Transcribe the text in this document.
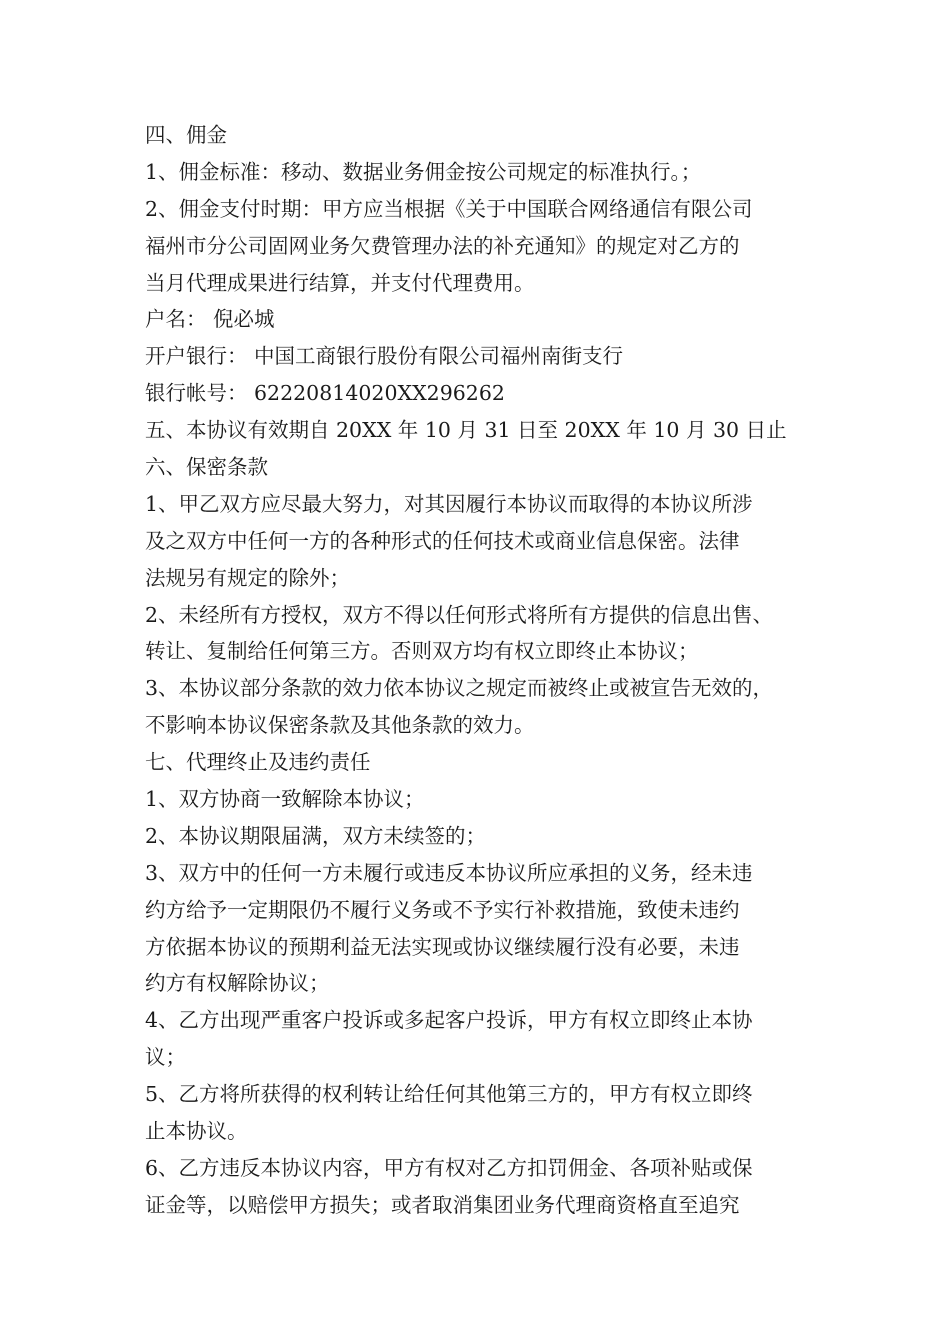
四、佣金
1、佣金标准：移动、数据业务佣金按公司规定的标准执行。；
2、佣金支付时期：甲方应当根据《关于中国联合网络通信有限公司
福州市分公司固网业务欠费管理办法的补充通知》的规定对乙方的
当月代理成果进行结算，并支付代理费用。
户名： 倪必城
开户银行： 中国工商银行股份有限公司福州南街支行
银行帐号： 62220814020XX296262
五、本协议有效期自 20XX 年 10 月 31 日至 20XX 年 10 月 30 日止
六、保密条款
1、甲乙双方应尽最大努力，对其因履行本协议而取得的本协议所涉
及之双方中任何一方的各种形式的任何技术或商业信息保密。法律
法规另有规定的除外；
2、未经所有方授权，双方不得以任何形式将所有方提供的信息出售、
转让、复制给任何第三方。否则双方均有权立即终止本协议；
3、本协议部分条款的效力依本协议之规定而被终止或被宣告无效的，
不影响本协议保密条款及其他条款的效力。
七、代理终止及违约责任
1、双方协商一致解除本协议；
2、本协议期限届满，双方未续签的；
3、双方中的任何一方未履行或违反本协议所应承担的义务，经未违
约方给予一定期限仍不履行义务或不予实行补救措施，致使未违约
方依据本协议的预期利益无法实现或协议继续履行没有必要，未违
约方有权解除协议；
4、乙方出现严重客户投诉或多起客户投诉，甲方有权立即终止本协
议；
5、乙方将所获得的权利转让给任何其他第三方的，甲方有权立即终
止本协议。
6、乙方违反本协议内容，甲方有权对乙方扣罚佣金、各项补贴或保
证金等，以赔偿甲方损失；或者取消集团业务代理商资格直至追究
